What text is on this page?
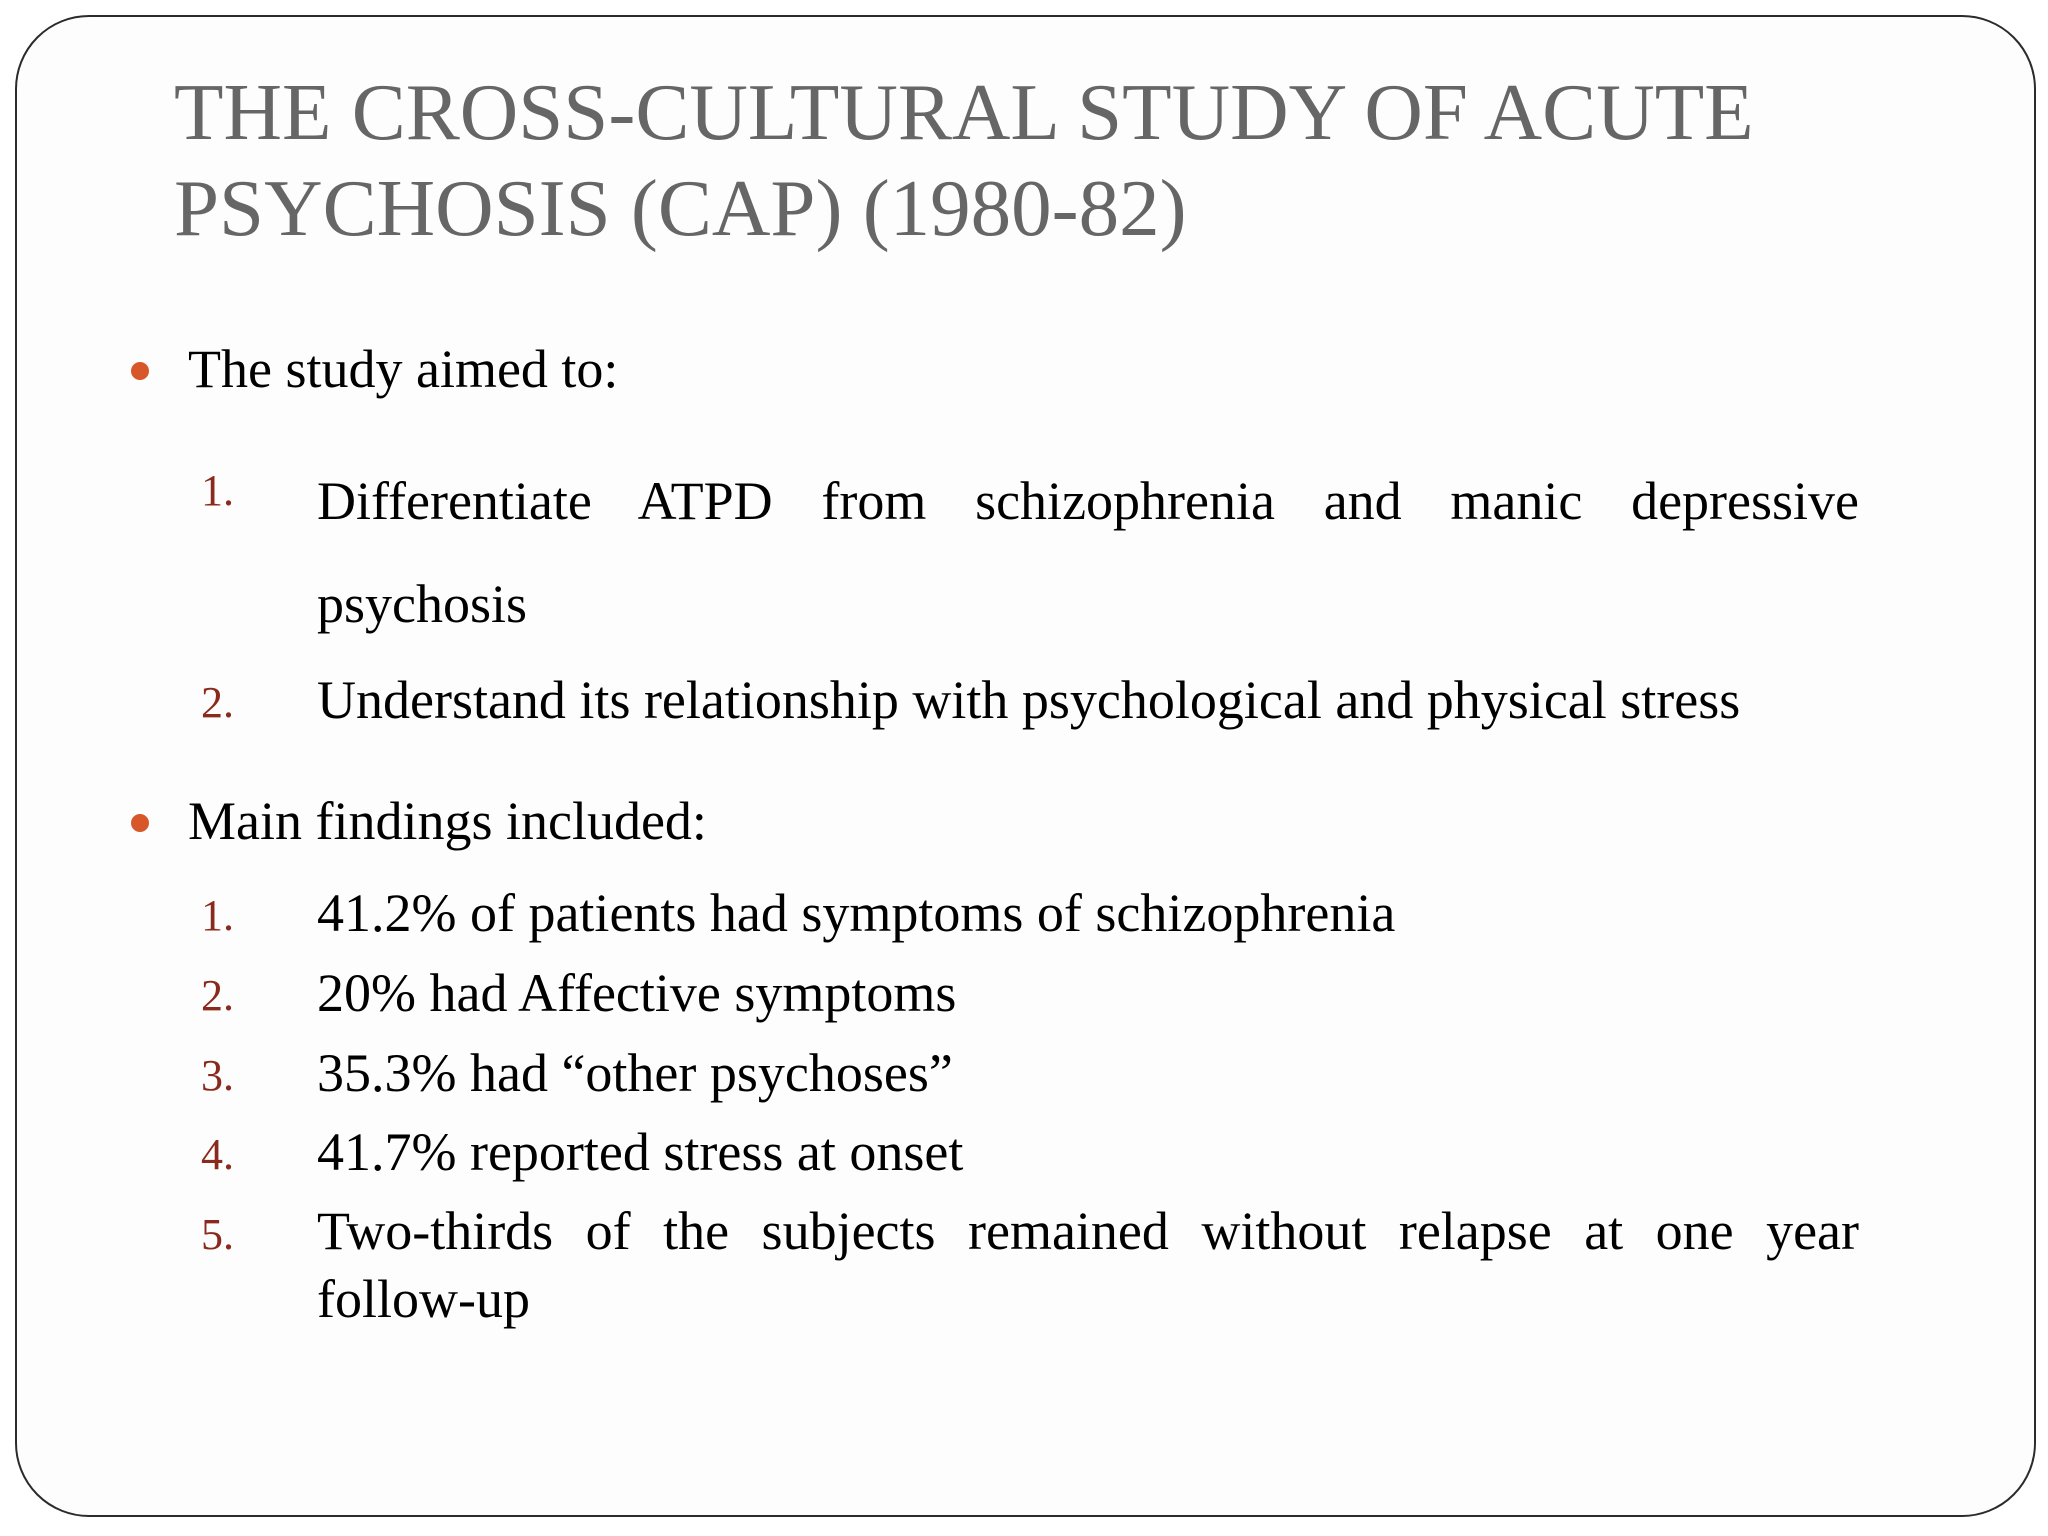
THE CROSS-CULTURAL STUDY OF ACUTE
PSYCHOSIS (CAP) (1980-82)
The study aimed to:
1. Differentiate ATPD from schizophrenia and manic depressive
psychosis
2. Understand its relationship with psychological and physical stress
Main findings included:
1. 41.2% of patients had symptoms of schizophrenia
2. 20% had Affective symptoms
3. 35.3% had “other psychoses”
4. 41.7% reported stress at onset
5. Two-thirds of the subjects remained without relapse at one year
follow-up
